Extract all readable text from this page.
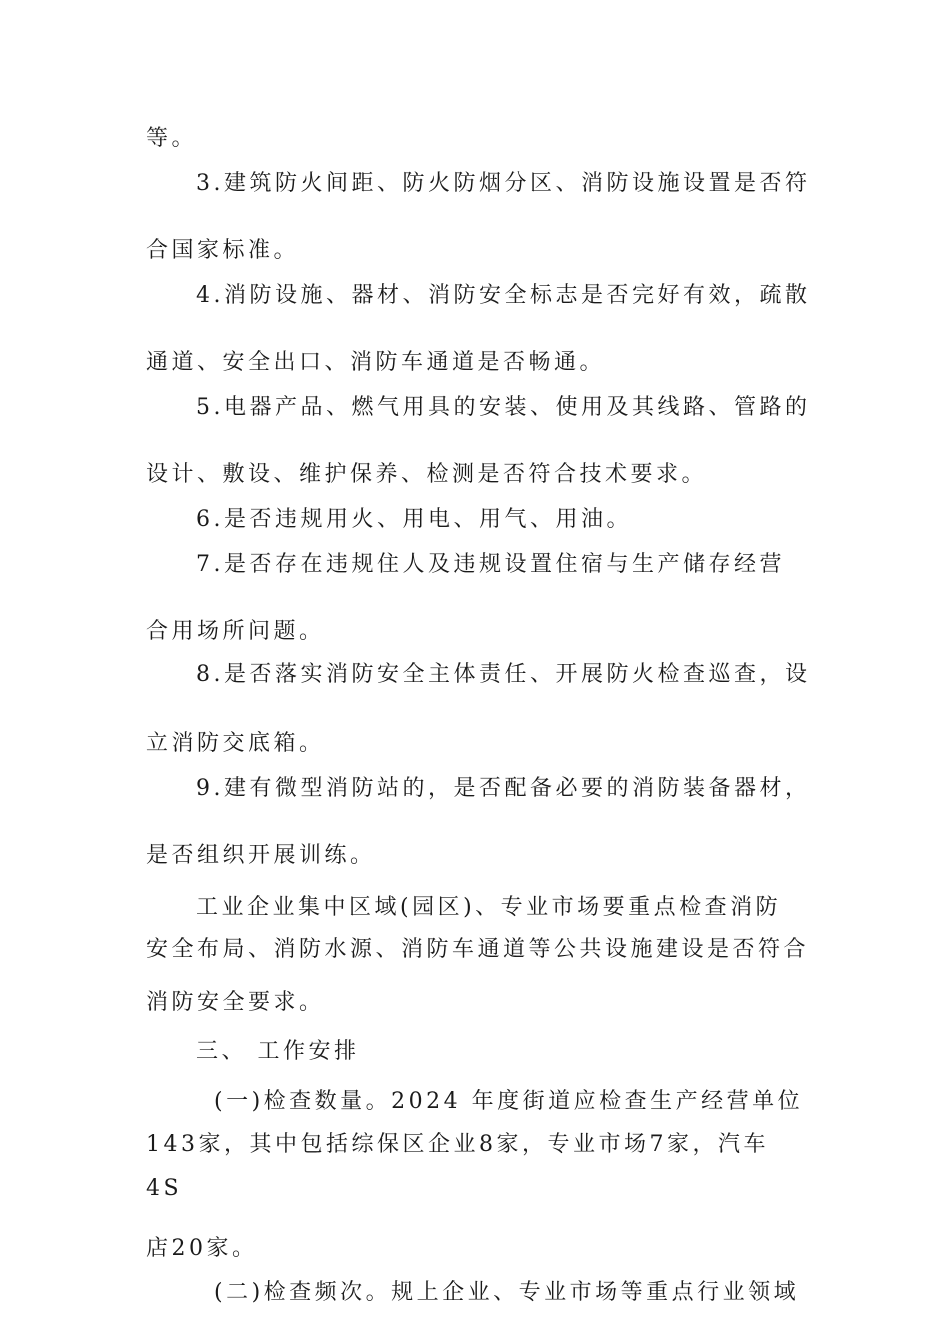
等。
3.建筑防火间距、防火防烟分区、消防设施设置是否符
合国家标准。
4.消防设施、器材、消防安全标志是否完好有效，疏散
通道、安全出口、消防车通道是否畅通。
5.电器产品、燃气用具的安装、使用及其线路、管路的
设计、敷设、维护保养、检测是否符合技术要求。
6.是否违规用火、用电、用气、用油。
7.是否存在违规住人及违规设置住宿与生产储存经营
合用场所问题。
8.是否落实消防安全主体责任、开展防火检查巡查，设
立消防交底箱。
9.建有微型消防站的，是否配备必要的消防装备器材，
是否组织开展训练。
工业企业集中区域(园区)、专业市场要重点检查消防
安全布局、消防水源、消防车通道等公共设施建设是否符合
消防安全要求。
三、 工作安排
(一)检查数量。2024 年度街道应检查生产经营单位
143家，其中包括综保区企业8家，专业市场7家，汽车
4S
店20家。
(二)检查频次。规上企业、专业市场等重点行业领域
